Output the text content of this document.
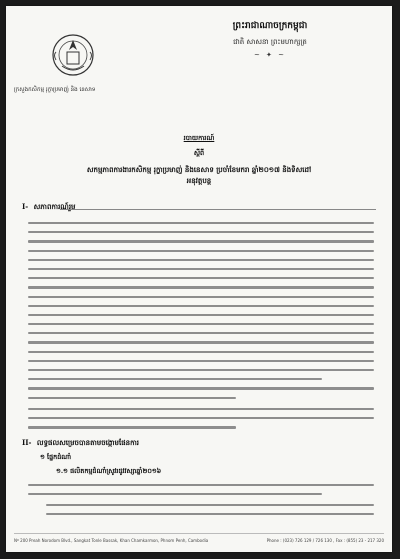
ព្រះរាជាណាចក្រកម្ពុជា
ជាតិ សាសនា ព្រះមហាក្សត្រ
~ ✦ ~
ក្រសួងកសិកម្ម រុក្ខាប្រមាញ់ និង នេសាទ
របាយការណ៍
ស្តីពី
សកម្មភាពការងារកសិកម្ម រុក្ខាប្រមាញ់ និងនេសាទ ប្រចាំខែមករា ឆ្នាំ២០១៧ និងទិសដៅអនុវត្តបន្ត
I- សភាពការណ៍រួម
II- លទ្ធផលសម្រេចបានតាមចង្កោមផែនការ
១ ផ្នែកដំណាំ
១.១ ផលិតកម្មដំណាំស្រូវរដូវវស្សាឆ្នាំ២០១៦
Nº 200 Preah Norodom Blvd., Sangkat Tonle Bassak, Khan Chamkarmon, Phnom Penh, Cambodia	Phone : (023) 726 129 / 726 130 , Fax : (855) 23 - 217 320
